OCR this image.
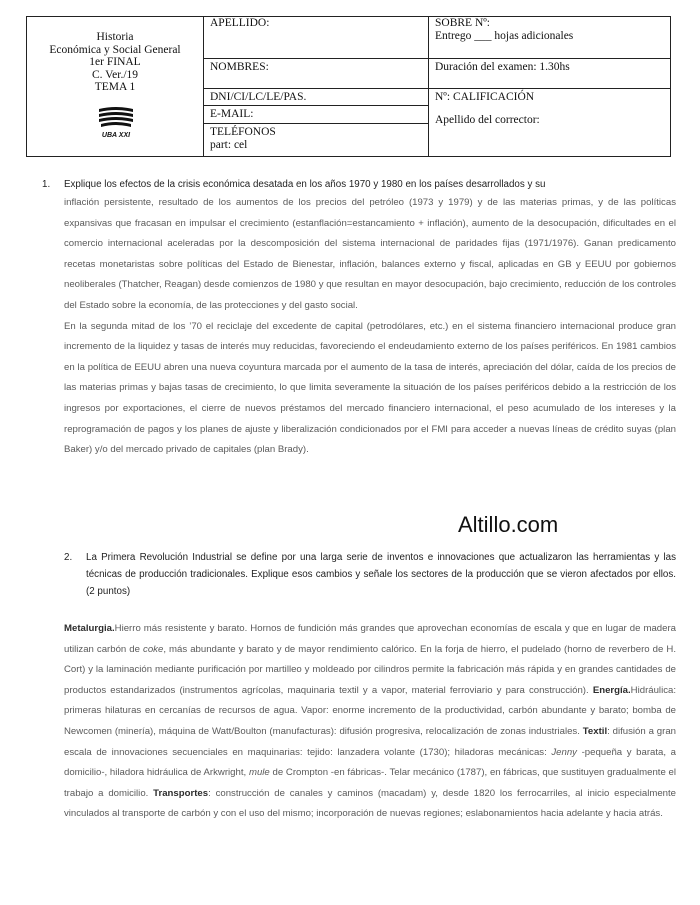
Historia
Económica y Social General
1er FINAL
C. Ver./19
TEMA 1
UBA XXI
APELLIDO:
NOMBRES:
DNI/CI/LC/LE/PAS.
E-MAIL:
TELÉFONOS
part: cel
SOBRE Nº:
Entrego ___ hojas adicionales
Duración del examen: 1.30hs
Nº: CALIFICACIÓN
Apellido del corrector:

1. Explique los efectos de la crisis económica desatada en los años 1970 y 1980 en los países desarrollados y su

inflación persistente, resultado de los aumentos de los precios del petróleo (1973 y 1979) y de las materias primas, y de las políticas expansivas que fracasan en impulsar el crecimiento (estanflación=estancamiento + inflación), aumento de la desocupación, dificultades en el comercio internacional aceleradas por la descomposición del sistema internacional de paridades fijas (1971/1976). Ganan predicamento recetas monetaristas sobre políticas del Estado de Bienestar, inflación, balances externo y fiscal, aplicadas en GB y EEUU por gobiernos neoliberales (Thatcher, Reagan) desde comienzos de 1980 y que resultan en mayor desocupación, bajo crecimiento, reducción de los controles del Estado sobre la economía, de las protecciones y del gasto social.

En la segunda mitad de los ’70 el reciclaje del excedente de capital (petrodólares, etc.) en el sistema financiero internacional produce gran incremento de la liquidez y tasas de interés muy reducidas, favoreciendo el endeudamiento externo de los países periféricos. En 1981 cambios en la política de EEUU abren una nueva coyuntura marcada por el aumento de la tasa de interés, apreciación del dólar, caída de los precios de las materias primas y bajas tasas de crecimiento, lo que limita severamente la situación de los países periféricos debido a la restricción de los ingresos por exportaciones, el cierre de nuevos préstamos del mercado financiero internacional, el peso acumulado de los intereses y la reprogramación de pagos y los planes de ajuste y liberalización condicionados por el FMI para acceder a nuevas líneas de crédito suyas (plan Baker) y/o del mercado privado de capitales (plan Brady).

Altillo.com

2. La Primera Revolución Industrial se define por una larga serie de inventos e innovaciones que actualizaron las herramientas y las técnicas de producción tradicionales. Explique esos cambios y señale los sectores de la producción que se vieron afectados por ellos. (2 puntos)

Metalurgia.Hierro más resistente y barato. Hornos de fundición más grandes que aprovechan economías de escala y que en lugar de madera utilizan carbón de coke, más abundante y barato y de mayor rendimiento calórico. En la forja de hierro, el pudelado (horno de reverbero de H. Cort) y la laminación mediante purificación por martilleo y moldeado por cilindros permite la fabricación más rápida y en grandes cantidades de productos estandarizados (instrumentos agrícolas, maquinaria textil y a vapor, material ferroviario y para construcción). Energía.Hidráulica: primeras hilaturas en cercanías de recursos de agua. Vapor: enorme incremento de la productividad, carbón abundante y barato; bomba de Newcomen (minería), máquina de Watt/Boulton (manufacturas): difusión progresiva, relocalización de zonas industriales. Textil: difusión a gran escala de innovaciones secuenciales en maquinarias: tejido: lanzadera volante (1730); hiladoras mecánicas: Jenny -pequeña y barata, a domicilio-, hiladora hidráulica de Arkwright, mule de Crompton -en fábricas-. Telar mecánico (1787), en fábricas, que sustituyen gradualmente el trabajo a domicilio. Transportes: construcción de canales y caminos (macadam) y, desde 1820 los ferrocarriles, al inicio especialmente vinculados al transporte de carbón y con el uso del mismo; incorporación de nuevas regiones; eslabonamientos hacia adelante y hacia atrás.
